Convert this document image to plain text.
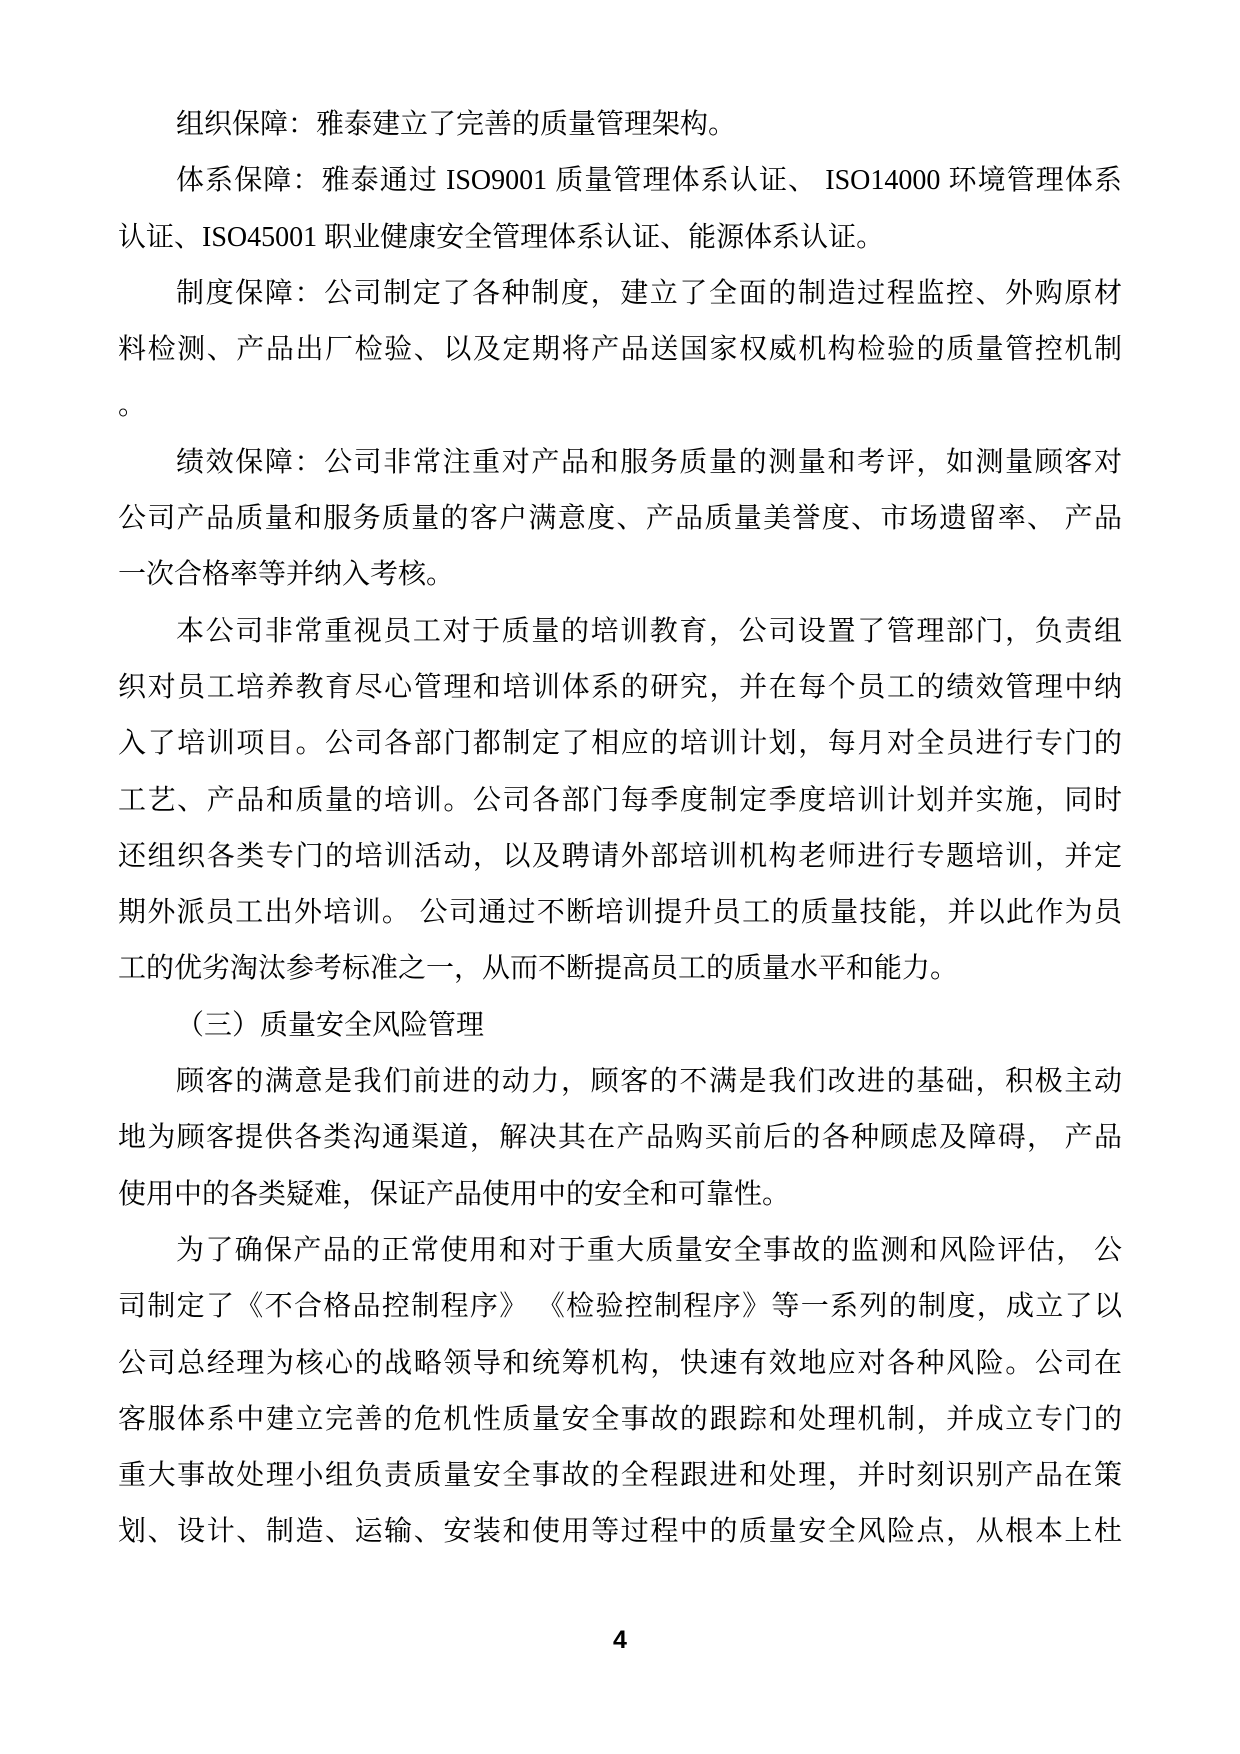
组织保障：雅泰建立了完善的质量管理架构。
体系保障：雅泰通过 ISO9001 质量管理体系认证、 ISO14000 环境管理体系
认证、ISO45001 职业健康安全管理体系认证、能源体系认证。
制度保障：公司制定了各种制度，建立了全面的制造过程监控、外购原材
料检测、产品出厂检验、以及定期将产品送国家权威机构检验的质量管控机制
。
绩效保障：公司非常注重对产品和服务质量的测量和考评，如测量顾客对
公司产品质量和服务质量的客户满意度、产品质量美誉度、市场遗留率、 产品
一次合格率等并纳入考核。
本公司非常重视员工对于质量的培训教育，公司设置了管理部门，负责组
织对员工培养教育尽心管理和培训体系的研究，并在每个员工的绩效管理中纳
入了培训项目。公司各部门都制定了相应的培训计划，每月对全员进行专门的
工艺、产品和质量的培训。公司各部门每季度制定季度培训计划并实施，同时
还组织各类专门的培训活动，以及聘请外部培训机构老师进行专题培训，并定
期外派员工出外培训。 公司通过不断培训提升员工的质量技能，并以此作为员
工的优劣淘汰参考标准之一，从而不断提高员工的质量水平和能力。
（三）质量安全风险管理
顾客的满意是我们前进的动力，顾客的不满是我们改进的基础，积极主动
地为顾客提供各类沟通渠道，解决其在产品购买前后的各种顾虑及障碍， 产品
使用中的各类疑难，保证产品使用中的安全和可靠性。
为了确保产品的正常使用和对于重大质量安全事故的监测和风险评估， 公
司制定了《不合格品控制程序》 《检验控制程序》等一系列的制度，成立了以
公司总经理为核心的战略领导和统筹机构，快速有效地应对各种风险。公司在
客服体系中建立完善的危机性质量安全事故的跟踪和处理机制，并成立专门的
重大事故处理小组负责质量安全事故的全程跟进和处理，并时刻识别产品在策
划、设计、制造、运输、安装和使用等过程中的质量安全风险点，从根本上杜
4
